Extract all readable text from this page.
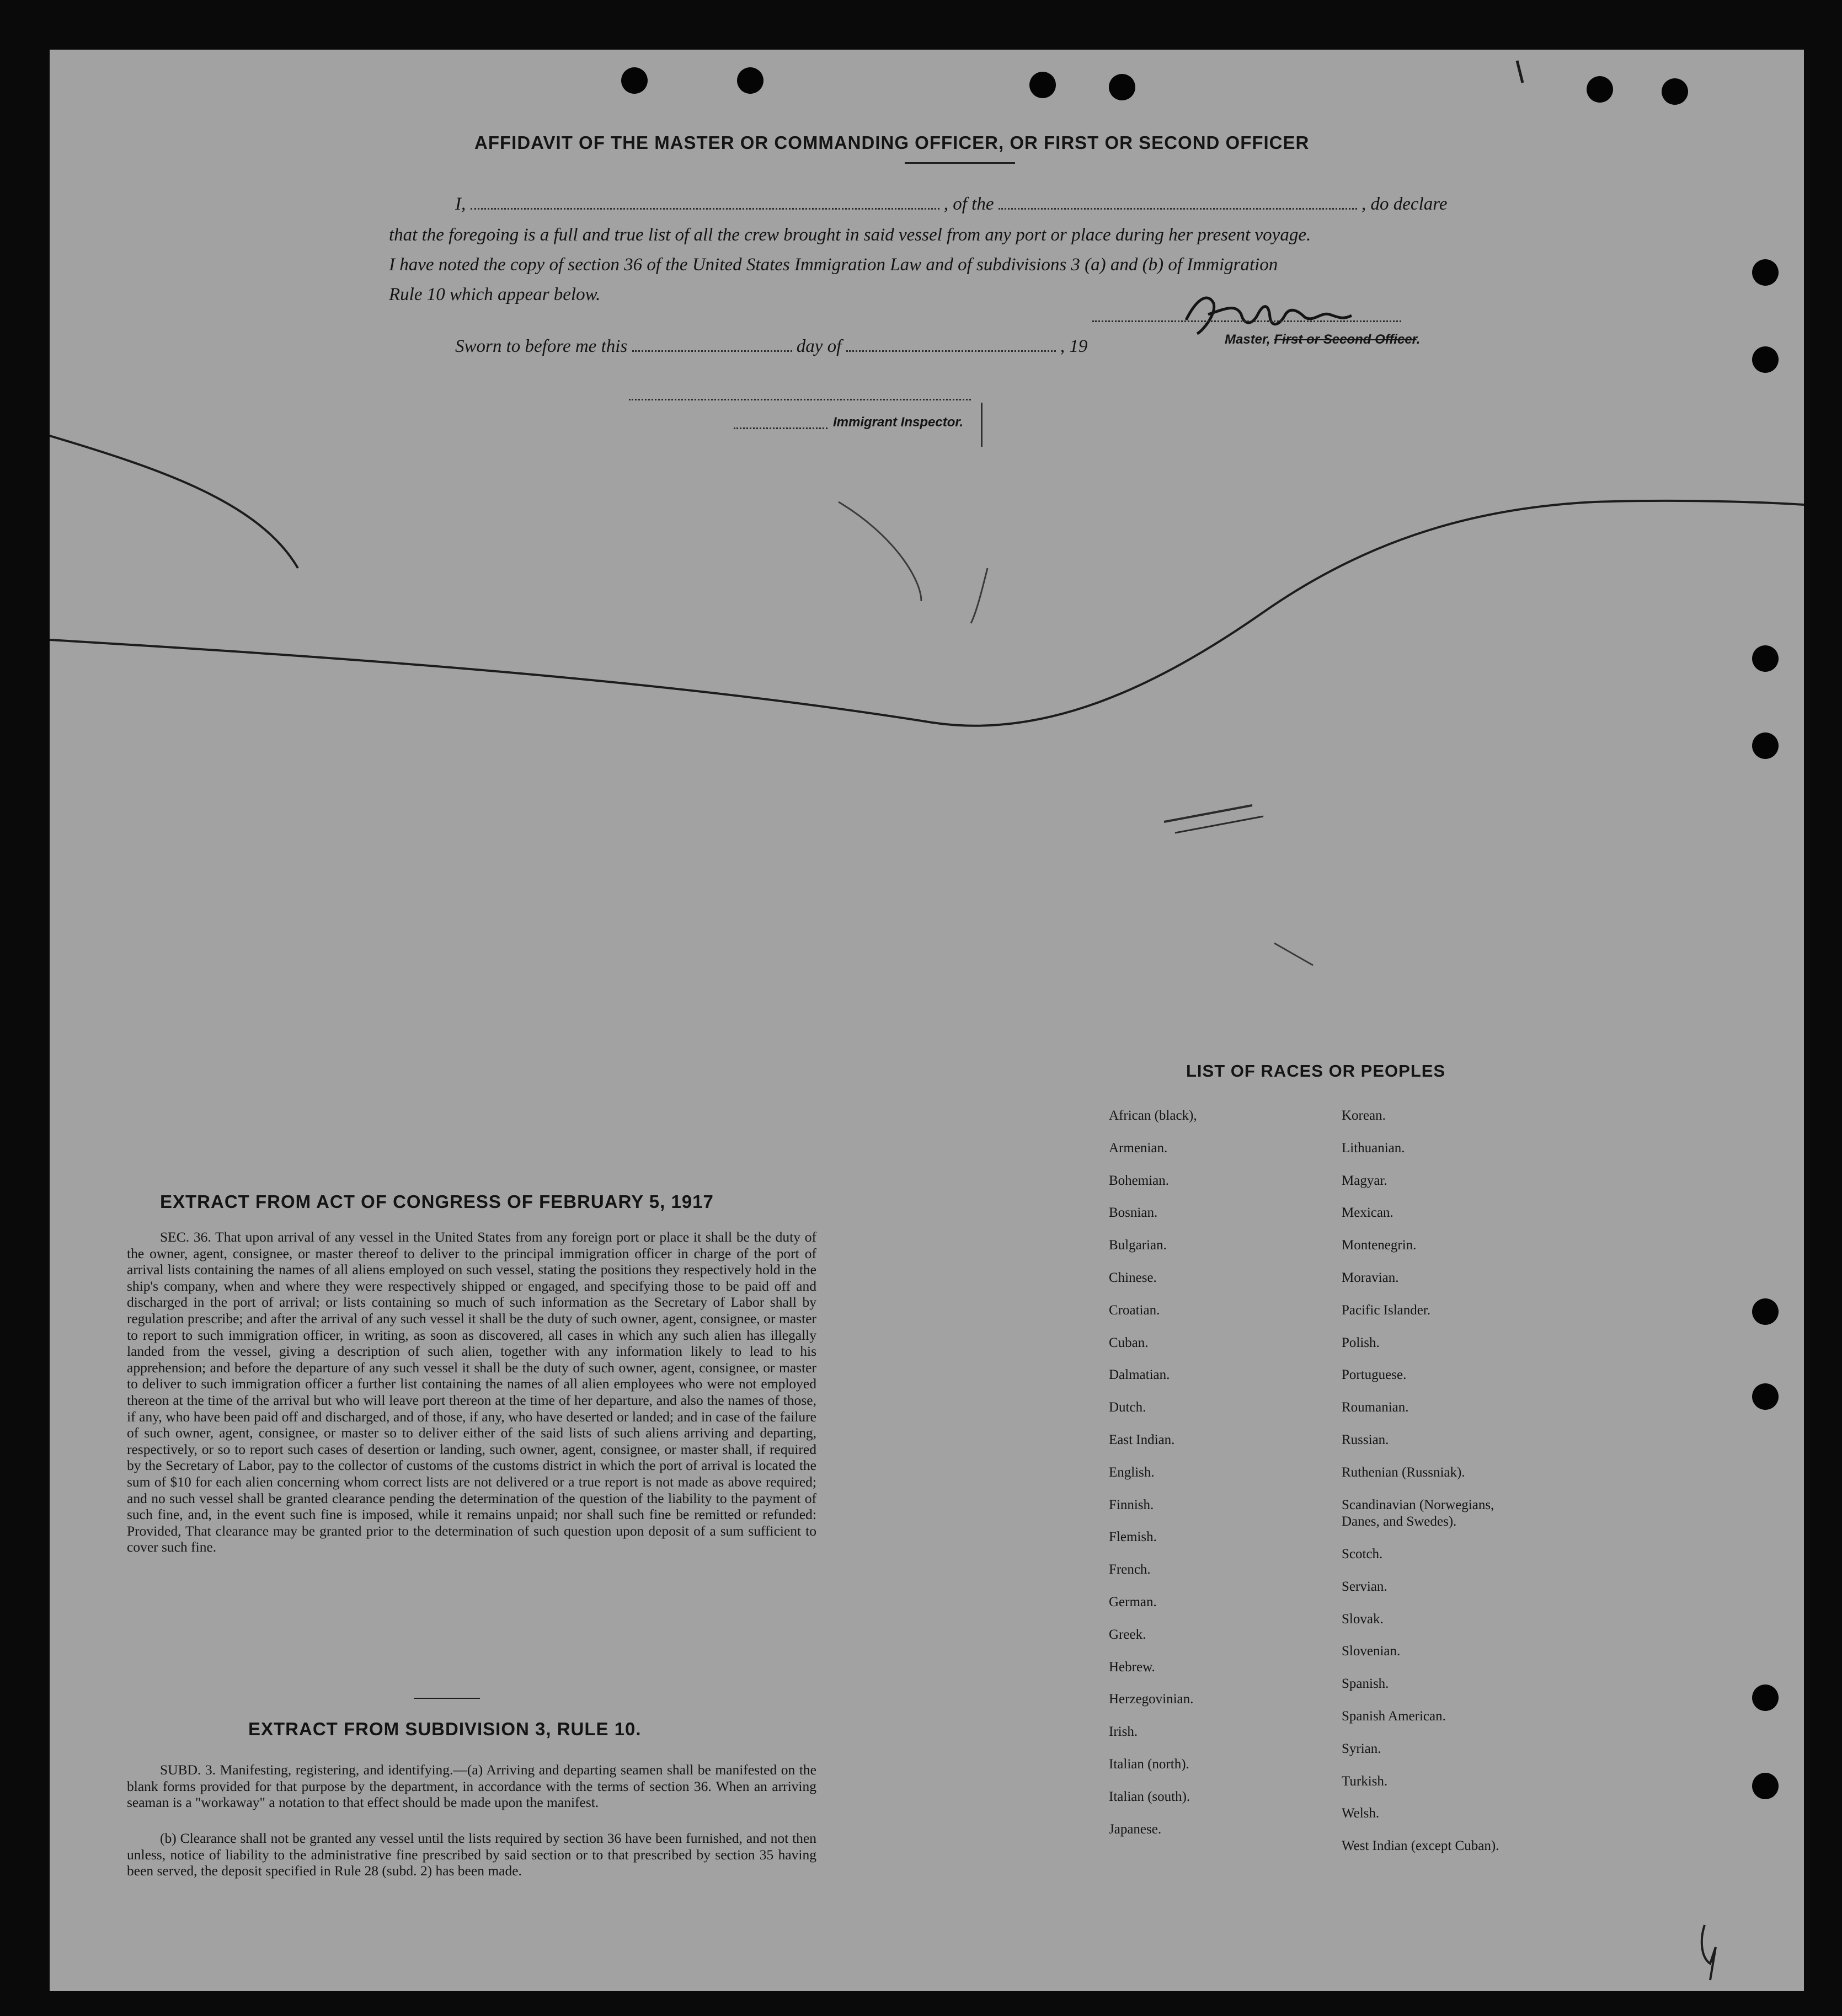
AFFIDAVIT OF THE MASTER OR COMMANDING OFFICER, OR FIRST OR SECOND OFFICER

I,	, of the	, do declare

that the foregoing is a full and true list of all the crew brought in said vessel from any port or place during her present voyage.

I have noted the copy of section 36 of the United States Immigration Law and of subdivisions 3 (a) and (b) of Immigration

Rule 10 which appear below.

Master, First or Second Officer.

Sworn to before me this	day of	, 19

Immigrant Inspector.
EXTRACT FROM ACT OF CONGRESS OF FEBRUARY 5, 1917

SEC. 36. That upon arrival of any vessel in the United States from any foreign port or place it shall be the duty of the owner, agent, consignee, or master thereof to deliver to the principal immigration officer in charge of the port of arrival lists containing the names of all aliens employed on such vessel, stating the positions they respectively hold in the ship's company, when and where they were respectively shipped or engaged, and specifying those to be paid off and discharged in the port of arrival; or lists containing so much of such information as the Secretary of Labor shall by regulation prescribe; and after the arrival of any such vessel it shall be the duty of such owner, agent, consignee, or master to report to such immigration officer, in writing, as soon as discovered, all cases in which any such alien has illegally landed from the vessel, giving a description of such alien, together with any information likely to lead to his apprehension; and before the departure of any such vessel it shall be the duty of such owner, agent, consignee, or master to deliver to such immigration officer a further list containing the names of all alien employees who were not employed thereon at the time of the arrival but who will leave port thereon at the time of her departure, and also the names of those, if any, who have been paid off and discharged, and of those, if any, who have deserted or landed; and in case of the failure of such owner, agent, consignee, or master so to deliver either of the said lists of such aliens arriving and departing, respectively, or so to report such cases of desertion or landing, such owner, agent, consignee, or master shall, if required by the Secretary of Labor, pay to the collector of customs of the customs district in which the port of arrival is located the sum of $10 for each alien concerning whom correct lists are not delivered or a true report is not made as above required; and no such vessel shall be granted clearance pending the determination of the question of the liability to the payment of such fine, and, in the event such fine is imposed, while it remains unpaid; nor shall such fine be remitted or refunded: Provided, That clearance may be granted prior to the determination of such question upon deposit of a sum sufficient to cover such fine.

EXTRACT FROM SUBDIVISION 3, RULE 10.

SUBD. 3. Manifesting, registering, and identifying.—(a) Arriving and departing seamen shall be manifested on the blank forms provided for that purpose by the department, in accordance with the terms of section 36. When an arriving seaman is a "workaway" a notation to that effect should be made upon the manifest.

(b) Clearance shall not be granted any vessel until the lists required by section 36 have been furnished, and not then unless, notice of liability to the administrative fine prescribed by said section or to that prescribed by section 35 having been served, the deposit specified in Rule 28 (subd. 2) has been made.

LIST OF RACES OR PEOPLES
African (black),
Armenian.
Bohemian.
Bosnian.
Bulgarian.
Chinese.
Croatian.
Cuban.
Dalmatian.
Dutch.
East Indian.
English.
Finnish.
Flemish.
French.
German.
Greek.
Hebrew.
Herzegovinian.
Irish.
Italian (north).
Italian (south).
Japanese.
Korean.
Lithuanian.
Magyar.
Mexican.
Montenegrin.
Moravian.
Pacific Islander.
Polish.
Portuguese.
Roumanian.
Russian.
Ruthenian (Russniak).
Scandinavian (Norwegians,
Danes, and Swedes).
Scotch.
Servian.
Slovak.
Slovenian.
Spanish.
Spanish American.
Syrian.
Turkish.
Welsh.
West Indian (except Cuban).
